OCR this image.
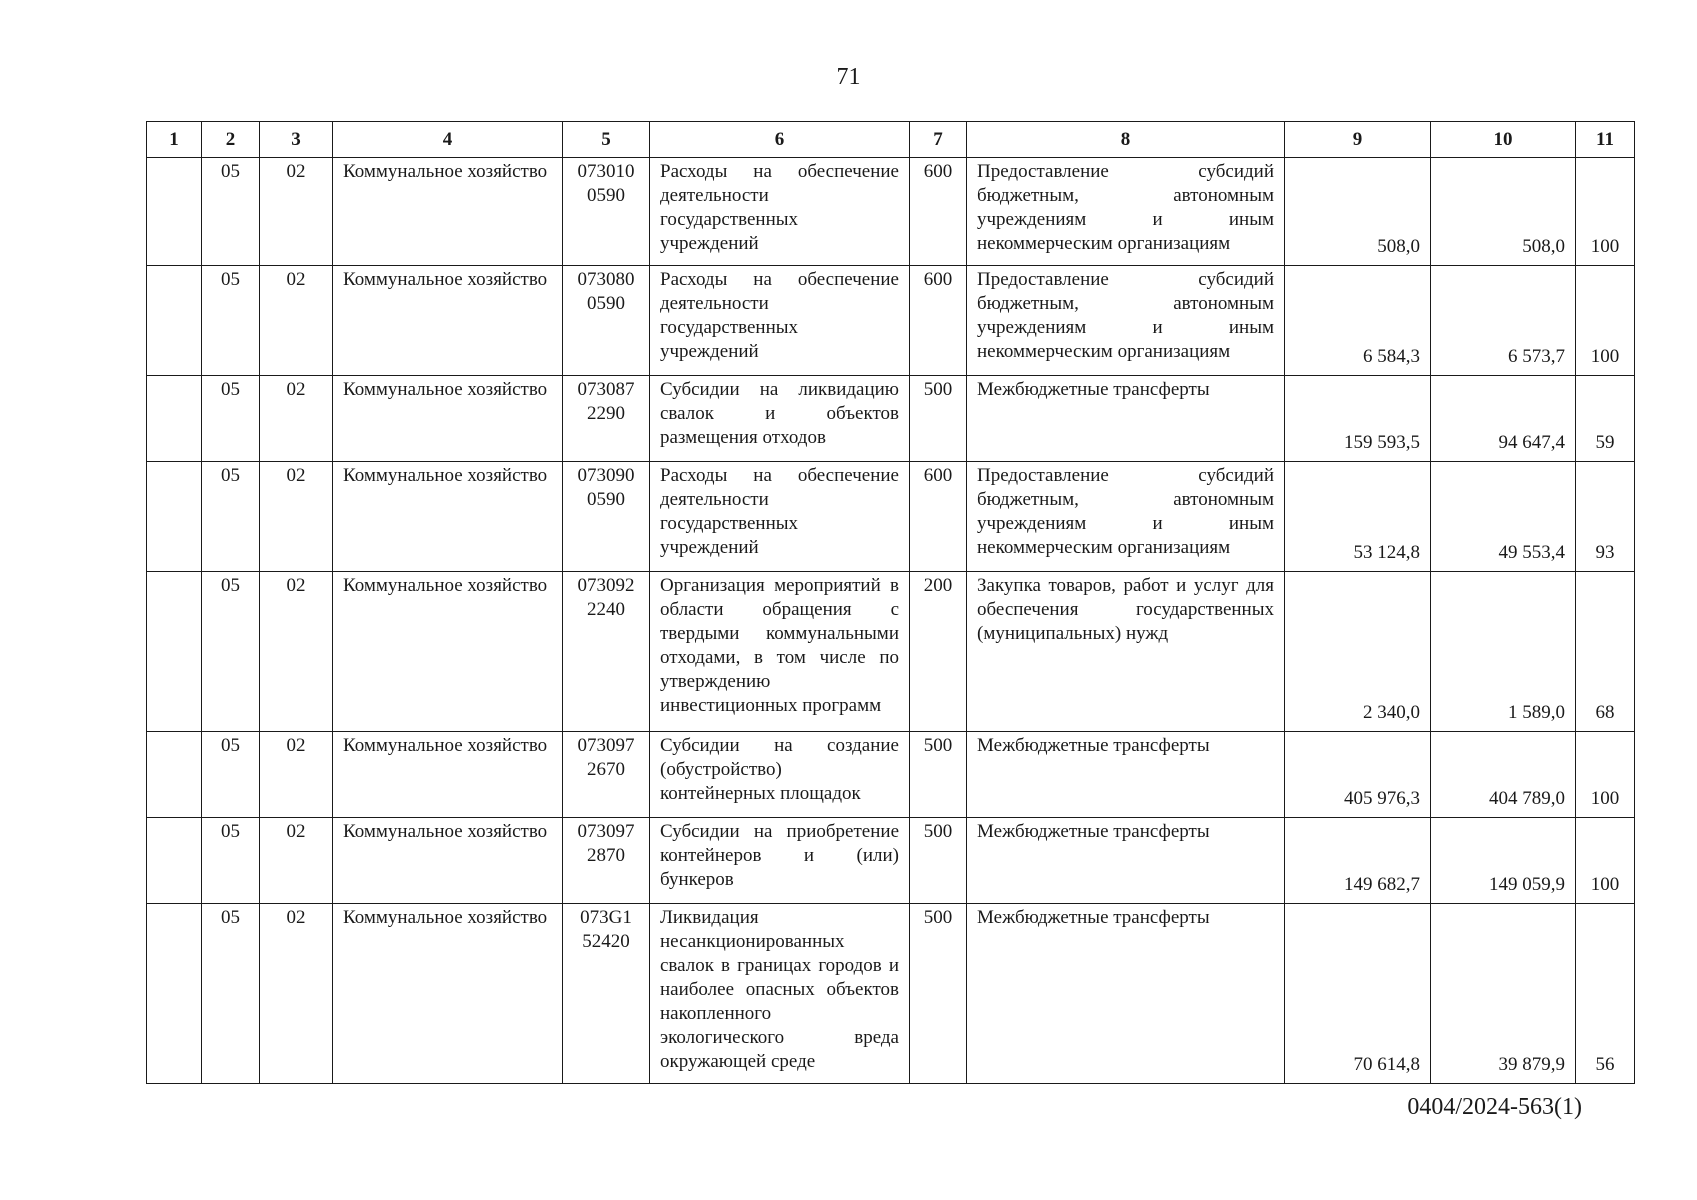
71
1	2	3	4	5	6	7	8	9	10	11
	05	02	Коммунальное хозяйство	073010 0590	Расходы на обеспечение деятельности государственных учреждений	600	Предоставление субсидий бюджетным, автономным учреждениям и иным некоммерческим организациям	508,0	508,0	100
	05	02	Коммунальное хозяйство	073080 0590	Расходы на обеспечение деятельности государственных учреждений	600	Предоставление субсидий бюджетным, автономным учреждениям и иным некоммерческим организациям	6 584,3	6 573,7	100
	05	02	Коммунальное хозяйство	073087 2290	Субсидии на ликвидацию свалок и объектов размещения отходов	500	Межбюджетные трансферты	159 593,5	94 647,4	59
	05	02	Коммунальное хозяйство	073090 0590	Расходы на обеспечение деятельности государственных учреждений	600	Предоставление субсидий бюджетным, автономным учреждениям и иным некоммерческим организациям	53 124,8	49 553,4	93
	05	02	Коммунальное хозяйство	073092 2240	Организация мероприятий в области обращения с твердыми коммунальными отходами, в том числе по утверждению инвестиционных программ	200	Закупка товаров, работ и услуг для обеспечения государственных (муниципальных) нужд	2 340,0	1 589,0	68
	05	02	Коммунальное хозяйство	073097 2670	Субсидии на создание (обустройство) контейнерных площадок	500	Межбюджетные трансферты	405 976,3	404 789,0	100
	05	02	Коммунальное хозяйство	073097 2870	Субсидии на приобретение контейнеров и (или) бункеров	500	Межбюджетные трансферты	149 682,7	149 059,9	100
	05	02	Коммунальное хозяйство	073G1 52420	Ликвидация несанкционированных свалок в границах городов и наиболее опасных объектов накопленного экологического вреда окружающей среде	500	Межбюджетные трансферты	70 614,8	39 879,9	56
0404/2024-563(1)
